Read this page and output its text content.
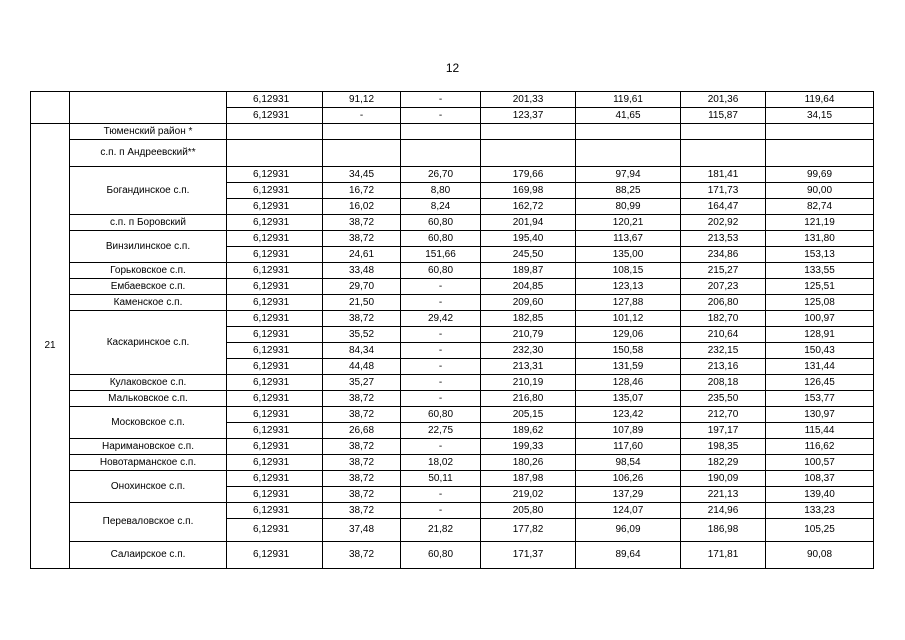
12
		6,12931	91,12	-	201,33	119,61	201,36	119,64
		6,12931	-	-	123,37	41,65	115,87	34,15
21	Тюменский район *							
	с.п. п Андреевский**							
	Богандинское с.п.	6,12931	34,45	26,70	179,66	97,94	181,41	99,69
		6,12931	16,72	8,80	169,98	88,25	171,73	90,00
		6,12931	16,02	8,24	162,72	80,99	164,47	82,74
	с.п. п Боровский	6,12931	38,72	60,80	201,94	120,21	202,92	121,19
	Винзилинское с.п.	6,12931	38,72	60,80	195,40	113,67	213,53	131,80
		6,12931	24,61	151,66	245,50	135,00	234,86	153,13
	Горьковское с.п.	6,12931	33,48	60,80	189,87	108,15	215,27	133,55
	Ембаевское с.п.	6,12931	29,70	-	204,85	123,13	207,23	125,51
	Каменское с.п.	6,12931	21,50	-	209,60	127,88	206,80	125,08
	Каскаринское с.п.	6,12931	38,72	29,42	182,85	101,12	182,70	100,97
		6,12931	35,52	-	210,79	129,06	210,64	128,91
		6,12931	84,34	-	232,30	150,58	232,15	150,43
		6,12931	44,48	-	213,31	131,59	213,16	131,44
	Кулаковское с.п.	6,12931	35,27	-	210,19	128,46	208,18	126,45
	Мальковское с.п.	6,12931	38,72	-	216,80	135,07	235,50	153,77
	Московское с.п.	6,12931	38,72	60,80	205,15	123,42	212,70	130,97
		6,12931	26,68	22,75	189,62	107,89	197,17	115,44
	Наримановское с.п.	6,12931	38,72	-	199,33	117,60	198,35	116,62
	Новотарманское с.п.	6,12931	38,72	18,02	180,26	98,54	182,29	100,57
	Онохинское с.п.	6,12931	38,72	50,11	187,98	106,26	190,09	108,37
		6,12931	38,72	-	219,02	137,29	221,13	139,40
	Переваловское с.п.	6,12931	38,72	-	205,80	124,07	214,96	133,23
		6,12931	37,48	21,82	177,82	96,09	186,98	105,25
	Салаирское с.п.	6,12931	38,72	60,80	171,37	89,64	171,81	90,08
